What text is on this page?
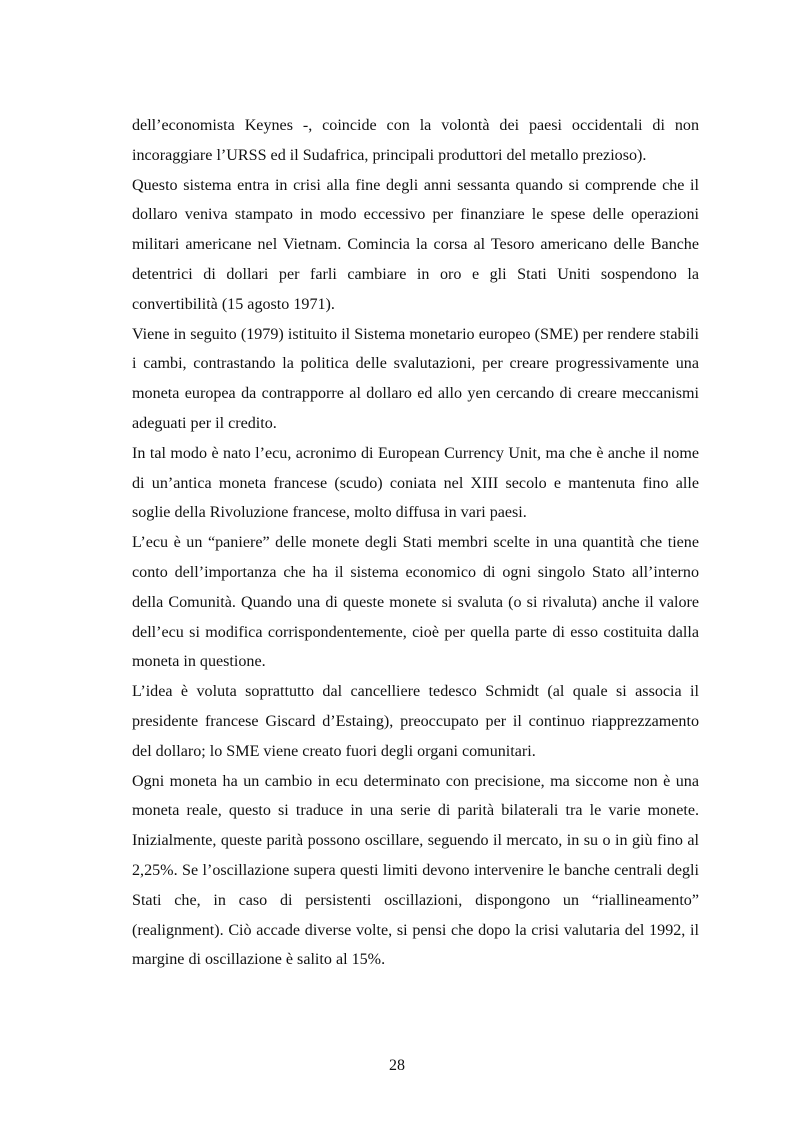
dell’economista Keynes -, coincide con la volontà dei paesi occidentali di non incoraggiare l’URSS ed il Sudafrica, principali produttori del metallo prezioso).

Questo sistema entra in crisi alla fine degli anni sessanta quando si comprende che il dollaro veniva stampato in modo eccessivo per finanziare le spese delle operazioni militari americane nel Vietnam. Comincia la corsa al Tesoro americano delle Banche detentrici di dollari per farli cambiare in oro e gli Stati Uniti sospendono la convertibilità (15 agosto 1971).

Viene in seguito (1979) istituito il Sistema monetario europeo (SME) per rendere stabili i cambi, contrastando la politica delle svalutazioni, per creare progressivamente una moneta europea da contrapporre al dollaro ed allo yen cercando di creare meccanismi adeguati per il credito.

In tal modo è nato l’ecu, acronimo di European Currency Unit, ma che è anche il nome di un’antica moneta francese (scudo) coniata nel XIII secolo e mantenuta fino alle soglie della Rivoluzione francese, molto diffusa in vari paesi.

L’ecu è un “paniere” delle monete degli Stati membri scelte in una quantità che tiene conto dell’importanza che ha il sistema economico di ogni singolo Stato all’interno della Comunità. Quando una di queste monete si svaluta (o si rivaluta) anche il valore dell’ecu si modifica corrispondentemente, cioè per quella parte di esso costituita dalla moneta in questione.

L’idea è voluta soprattutto dal cancelliere tedesco Schmidt (al quale si associa il presidente francese Giscard d’Estaing), preoccupato per il continuo riapprezzamento del dollaro; lo SME viene creato fuori degli organi comunitari.

Ogni moneta ha un cambio in ecu determinato con precisione, ma siccome non è una moneta reale, questo si traduce in una serie di parità bilaterali tra le varie monete. Inizialmente, queste parità possono oscillare, seguendo il mercato, in su o in giù fino al 2,25%. Se l’oscillazione supera questi limiti devono intervenire le banche centrali degli Stati che, in caso di persistenti oscillazioni, dispongono un “riallineamento” (realignment). Ciò accade diverse volte, si pensi che dopo la crisi valutaria del 1992, il margine di oscillazione è salito al 15%.

28
